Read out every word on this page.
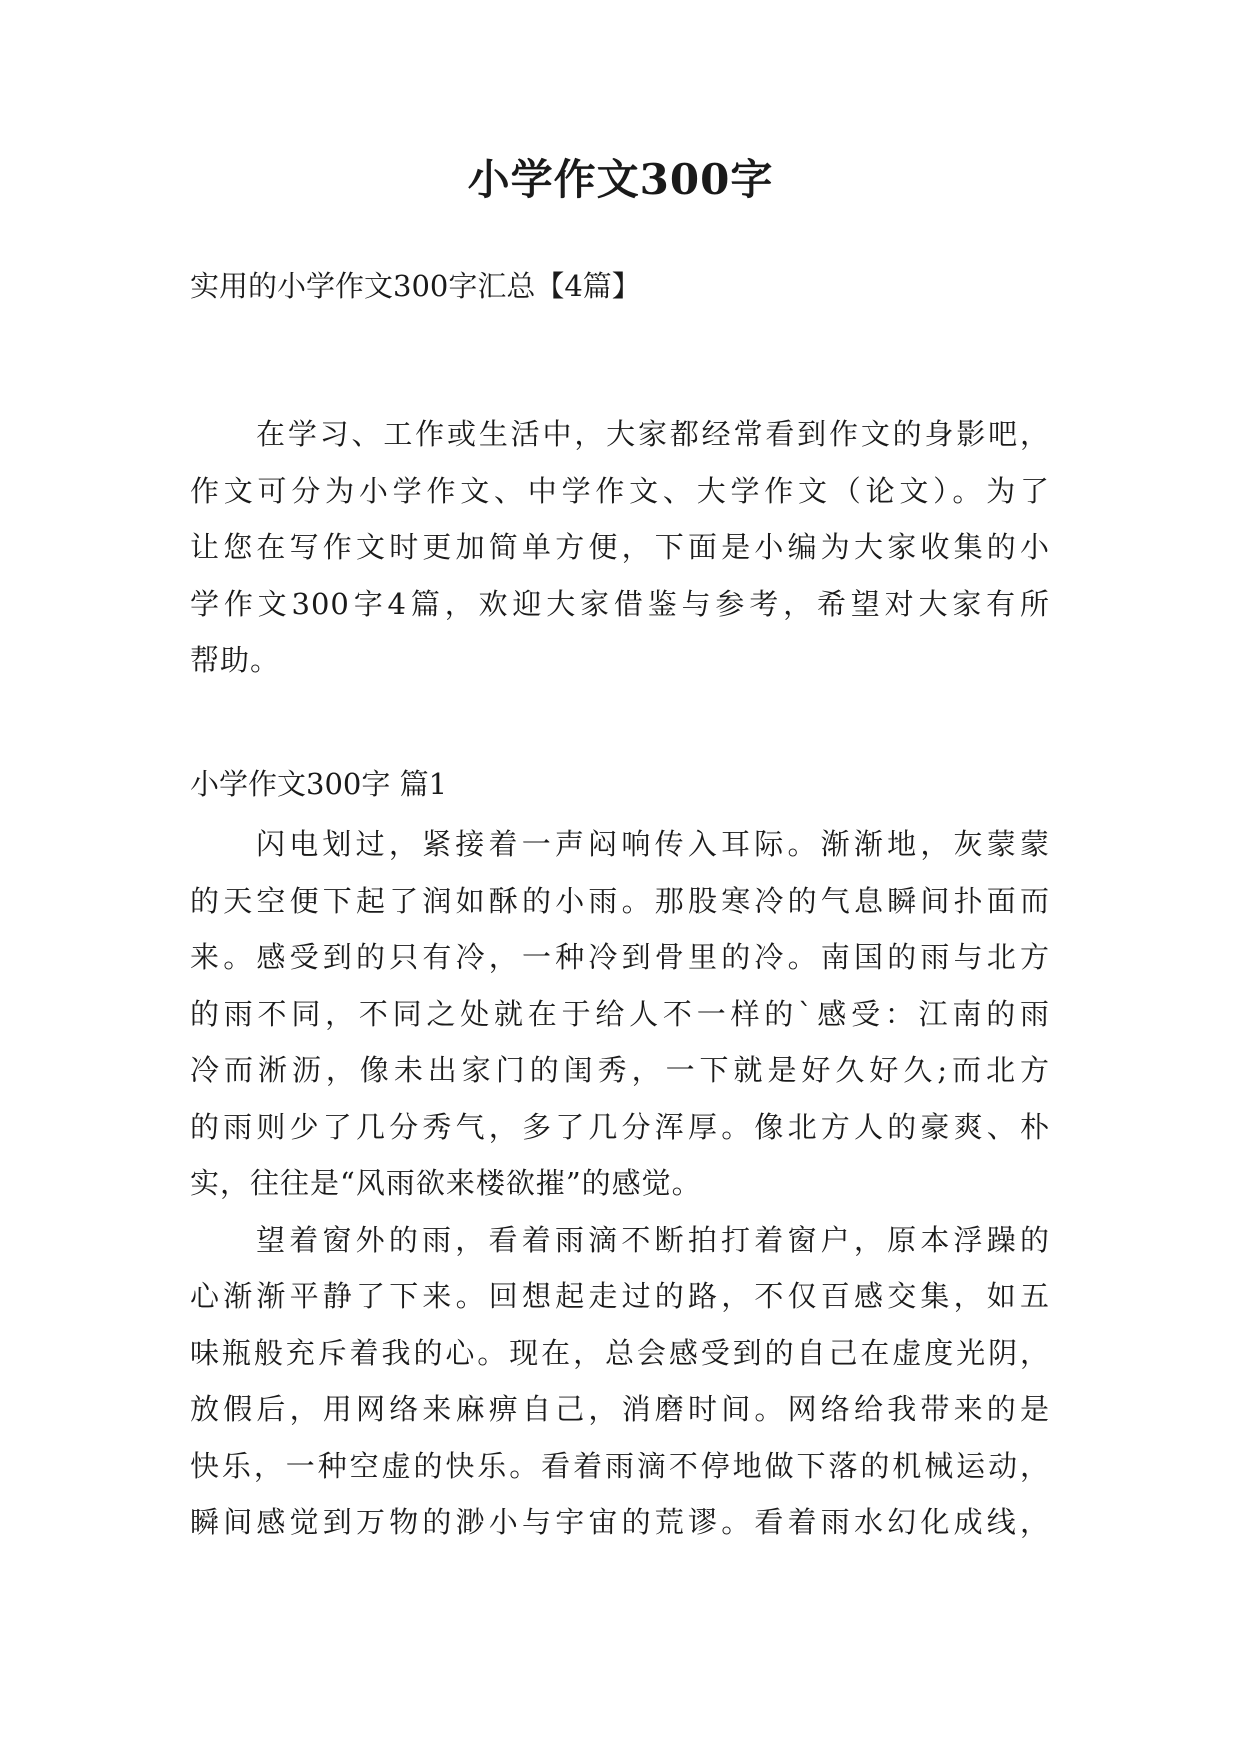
小学作文300字

实用的小学作文300字汇总【4篇】

在学习、工作或生活中，大家都经常看到作文的身影吧，
作文可分为小学作文、中学作文、大学作文（论文）。为了
让您在写作文时更加简单方便，下面是小编为大家收集的小
学作文300字4篇，欢迎大家借鉴与参考，希望对大家有所
帮助。

小学作文300字 篇1

闪电划过，紧接着一声闷响传入耳际。渐渐地，灰蒙蒙
的天空便下起了润如酥的小雨。那股寒冷的气息瞬间扑面而
来。感受到的只有冷，一种冷到骨里的冷。南国的雨与北方
的雨不同，不同之处就在于给人不一样的`感受：江南的雨
冷而淅沥，像未出家门的闺秀，一下就是好久好久;而北方
的雨则少了几分秀气，多了几分浑厚。像北方人的豪爽、朴
实，往往是“风雨欲来楼欲摧”的感觉。

望着窗外的雨，看着雨滴不断拍打着窗户，原本浮躁的
心渐渐平静了下来。回想起走过的路，不仅百感交集，如五
味瓶般充斥着我的心。现在，总会感受到的自己在虚度光阴，
放假后，用网络来麻痹自己，消磨时间。网络给我带来的是
快乐，一种空虚的快乐。看着雨滴不停地做下落的机械运动，
瞬间感觉到万物的渺小与宇宙的荒谬。看着雨水幻化成线，
